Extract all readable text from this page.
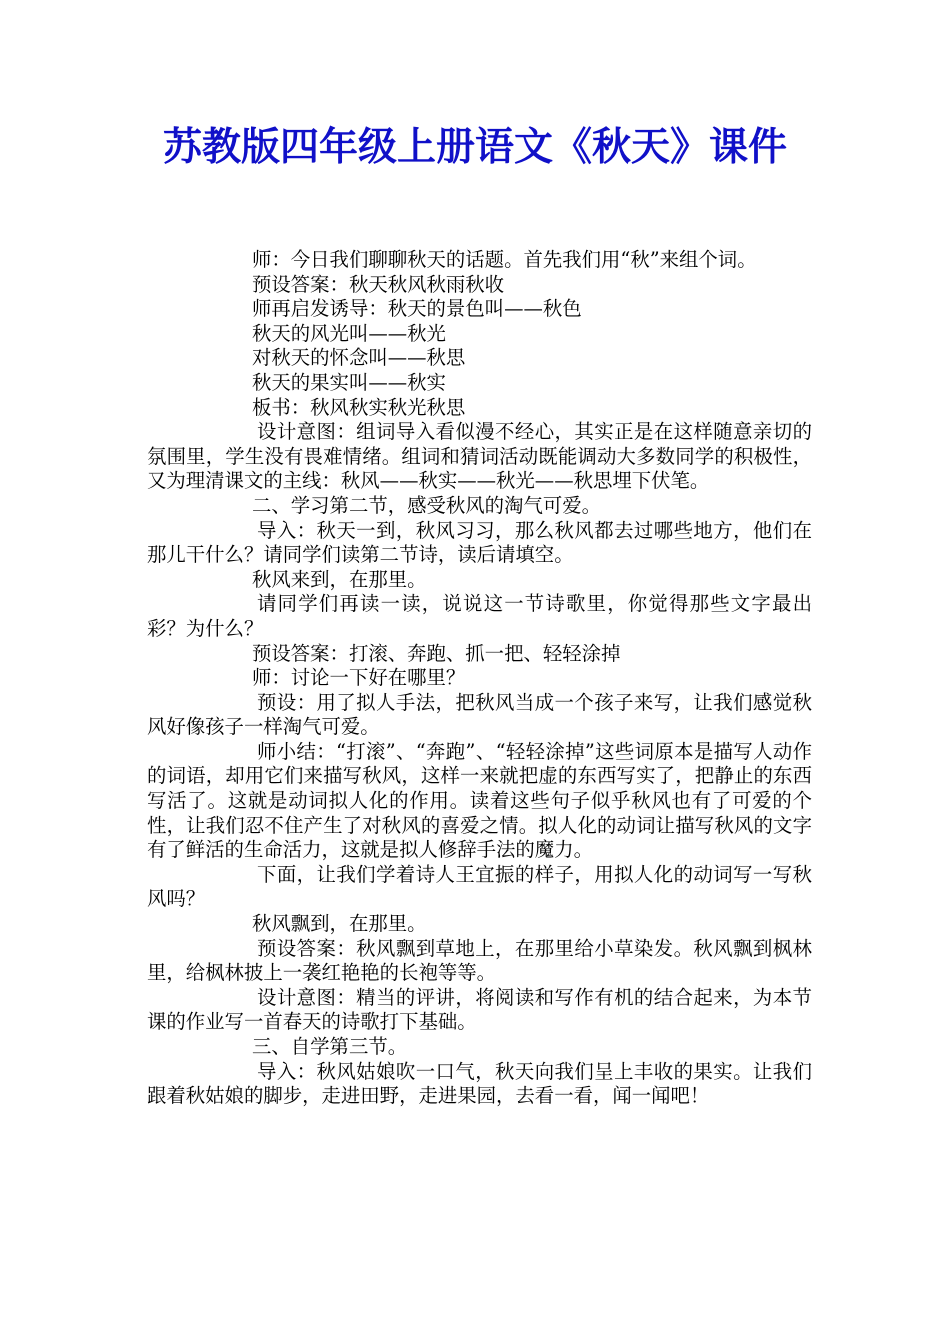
苏教版四年级上册语文《秋天》课件

师：今日我们聊聊秋天的话题。首先我们用“秋”来组个词。

预设答案：秋天秋风秋雨秋收

师再启发诱导：秋天的景色叫——秋色

秋天的风光叫——秋光

对秋天的怀念叫——秋思

秋天的果实叫——秋实

板书：秋风秋实秋光秋思

设计意图：组词导入看似漫不经心，其实正是在这样随意亲切的氛围里，学生没有畏难情绪。组词和猜词活动既能调动大多数同学的积极性，又为理清课文的主线：秋风——秋实——秋光——秋思埋下伏笔。

二、学习第二节，感受秋风的淘气可爱。

导入：秋天一到，秋风习习，那么秋风都去过哪些地方，他们在那儿干什么？请同学们读第二节诗，读后请填空。

秋风来到，在那里。

请同学们再读一读，说说这一节诗歌里，你觉得那些文字最出彩？为什么？

预设答案：打滚、奔跑、抓一把、轻轻涂掉

师：讨论一下好在哪里？

预设：用了拟人手法，把秋风当成一个孩子来写，让我们感觉秋风好像孩子一样淘气可爱。

师小结：“打滚”、“奔跑”、“轻轻涂掉”这些词原本是描写人动作的词语，却用它们来描写秋风，这样一来就把虚的东西写实了，把静止的东西写活了。这就是动词拟人化的作用。读着这些句子似乎秋风也有了可爱的个性，让我们忍不住产生了对秋风的喜爱之情。拟人化的动词让描写秋风的文字有了鲜活的生命活力，这就是拟人修辞手法的魔力。

下面，让我们学着诗人王宜振的样子，用拟人化的动词写一写秋风吗？

秋风飘到，在那里。

预设答案：秋风飘到草地上，在那里给小草染发。秋风飘到枫林里，给枫林披上一袭红艳艳的长袍等等。

设计意图：精当的评讲，将阅读和写作有机的结合起来，为本节课的作业写一首春天的诗歌打下基础。

三、自学第三节。

导入：秋风姑娘吹一口气，秋天向我们呈上丰收的果实。让我们跟着秋姑娘的脚步，走进田野，走进果园，去看一看，闻一闻吧！
